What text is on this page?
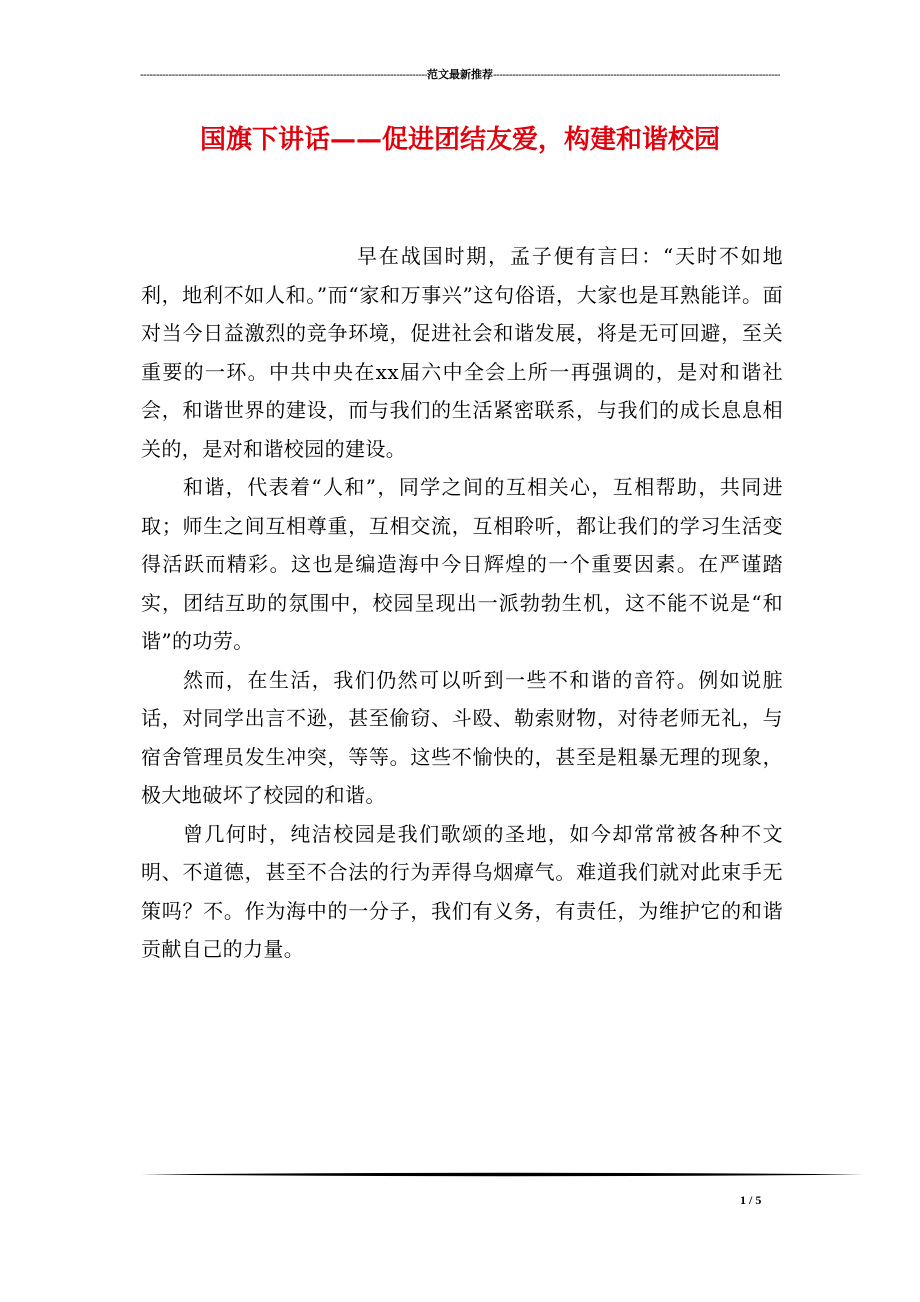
-----
范文最新推荐
-----
国旗下讲话——促进团结友爱，构建和谐校园

早在战国时期，孟子便有言曰：“天时不如地利，地利不如人和。”而“家和万事兴”这句俗语，大家也是耳熟能详。面对当今日益激烈的竞争环境，促进社会和谐发展，将是无可回避，至关重要的一环。中共中央在xx届六中全会上所一再强调的，是对和谐社会，和谐世界的建设，而与我们的生活紧密联系，与我们的成长息息相关的，是对和谐校园的建设。

和谐，代表着“人和”，同学之间的互相关心，互相帮助，共同进取；师生之间互相尊重，互相交流，互相聆听，都让我们的学习生活变得活跃而精彩。这也是编造海中今日辉煌的一个重要因素。在严谨踏实，团结互助的氛围中，校园呈现出一派勃勃生机，这不能不说是“和谐”的功劳。

然而，在生活，我们仍然可以听到一些不和谐的音符。例如说脏话，对同学出言不逊，甚至偷窃、斗殴、勒索财物，对待老师无礼，与宿舍管理员发生冲突，等等。这些不愉快的，甚至是粗暴无理的现象，极大地破坏了校园的和谐。

曾几何时，纯洁校园是我们歌颂的圣地，如今却常常被各种不文明、不道德，甚至不合法的行为弄得乌烟瘴气。难道我们就对此束手无策吗？不。作为海中的一分子，我们有义务，有责任，为维护它的和谐贡献自己的力量。

1 / 5
